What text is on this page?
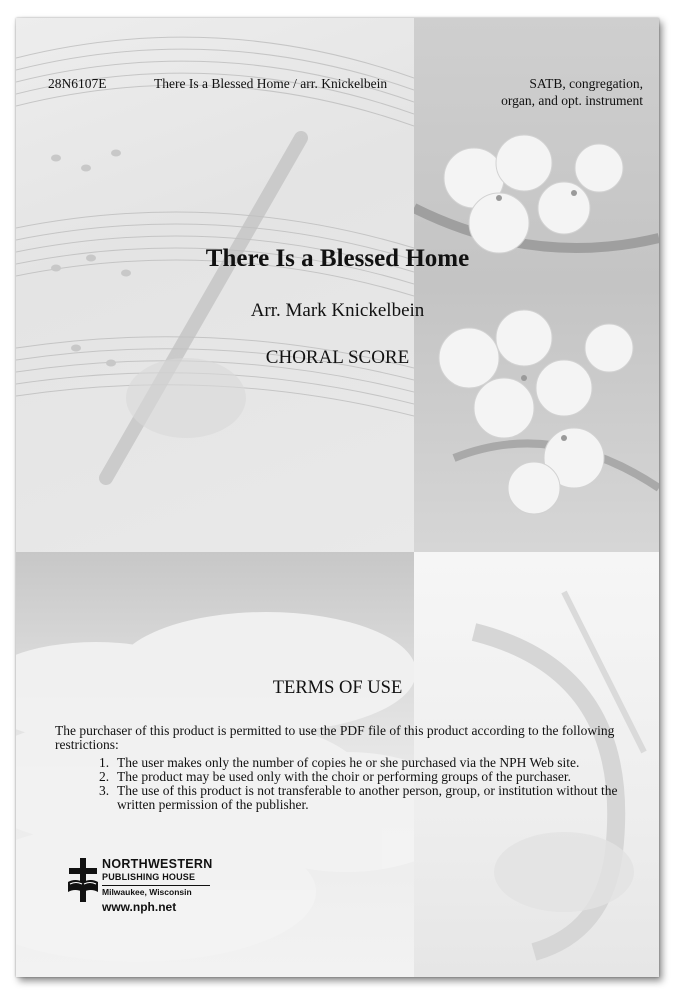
28N6107E	There Is a Blessed Home / arr. Knickelbein	SATB, congregation,
organ, and opt. instrument
There Is a Blessed Home
Arr. Mark Knickelbein
CHORAL SCORE
TERMS OF USE

The purchaser of this product is permitted to use the PDF file of this product according to the following restrictions:

1. The user makes only the number of copies he or she purchased via the NPH Web site.
2. The product may be used only with the choir or performing groups of the purchaser.
3. The use of this product is not transferable to another person, group, or institution without the written permission of the publisher.
NORTHWESTERN
PUBLISHING HOUSE
Milwaukee, Wisconsin
www.nph.net
